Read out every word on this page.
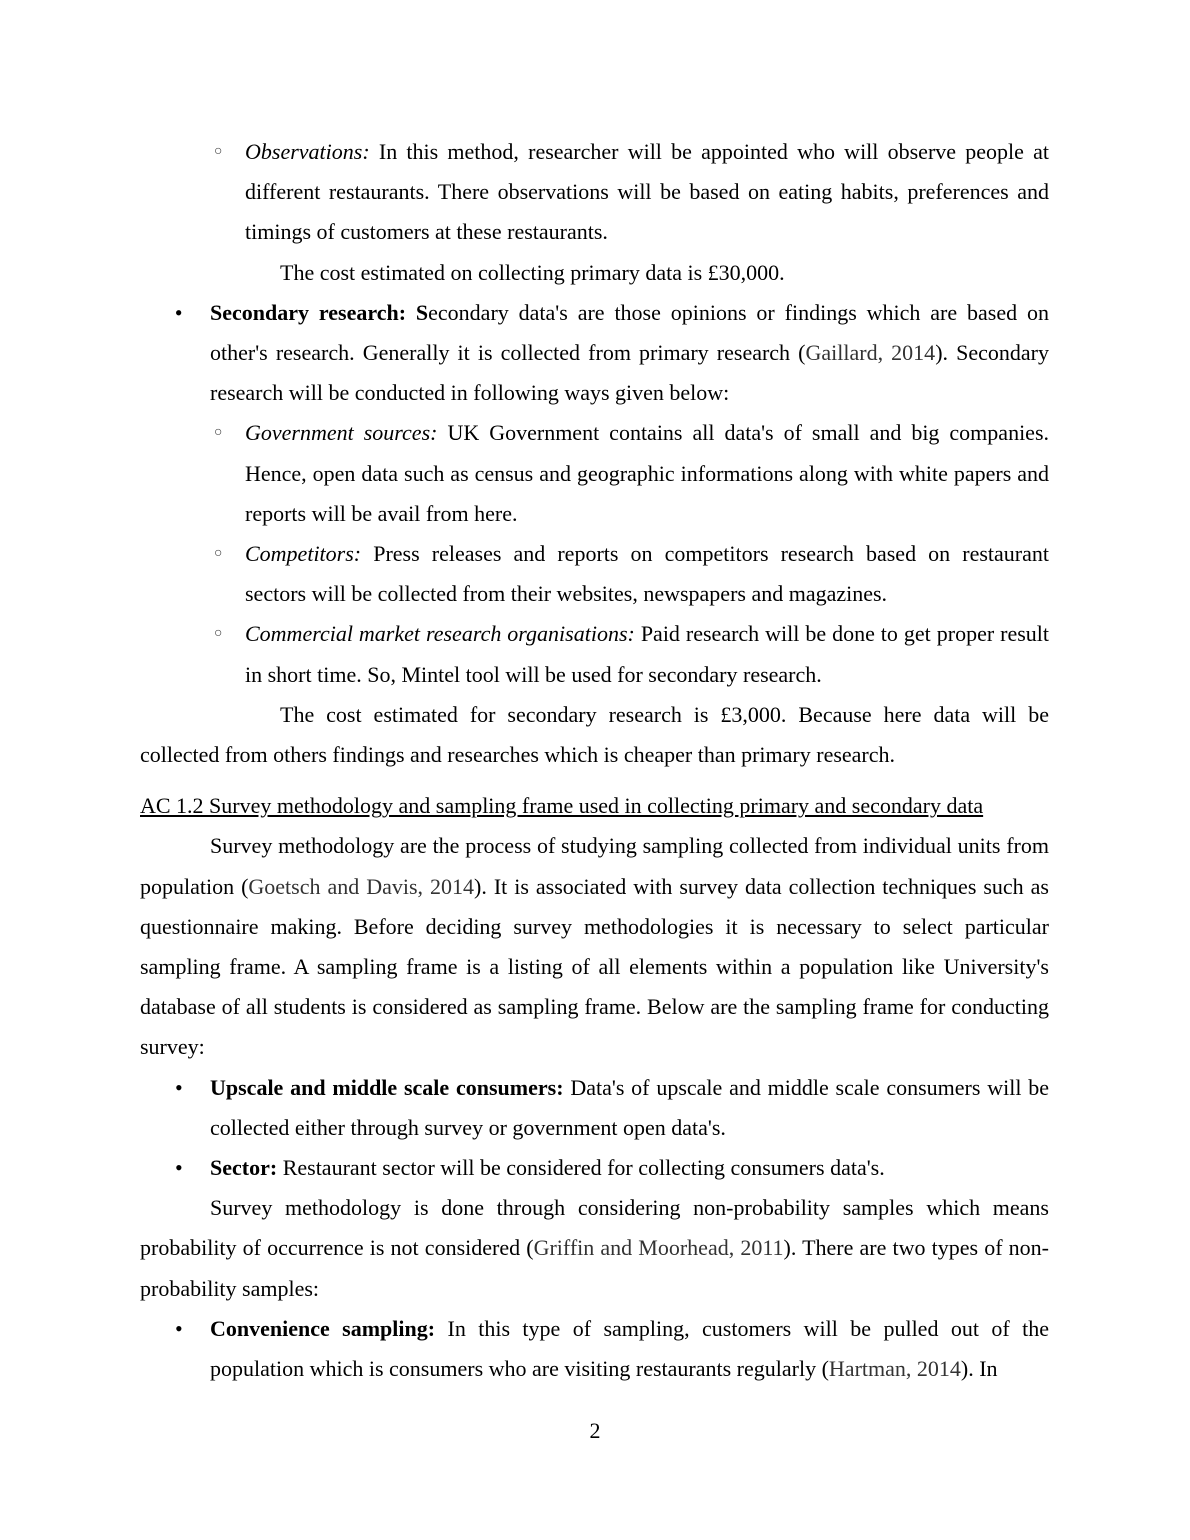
○ Observations: In this method, researcher will be appointed who will observe people at different restaurants. There observations will be based on eating habits, preferences and timings of customers at these restaurants.
The cost estimated on collecting primary data is £30,000.
• Secondary research: Secondary data's are those opinions or findings which are based on other's research. Generally it is collected from primary research (Gaillard, 2014). Secondary research will be conducted in following ways given below:
○ Government sources: UK Government contains all data's of small and big companies. Hence, open data such as census and geographic informations along with white papers and reports will be avail from here.
○ Competitors: Press releases and reports on competitors research based on restaurant sectors will be collected from their websites, newspapers and magazines.
○ Commercial market research organisations: Paid research will be done to get proper result in short time. So, Mintel tool will be used for secondary research.
The cost estimated for secondary research is £3,000. Because here data will be collected from others findings and researches which is cheaper than primary research.
AC 1.2 Survey methodology and sampling frame used in collecting primary and secondary data
Survey methodology are the process of studying sampling collected from individual units from population (Goetsch and Davis, 2014). It is associated with survey data collection techniques such as questionnaire making. Before deciding survey methodologies it is necessary to select particular sampling frame. A sampling frame is a listing of all elements within a population like University's database of all students is considered as sampling frame. Below are the sampling frame for conducting survey:
• Upscale and middle scale consumers: Data's of upscale and middle scale consumers will be collected either through survey or government open data's.
• Sector: Restaurant sector will be considered for collecting consumers data's.
Survey methodology is done through considering non-probability samples which means probability of occurrence is not considered (Griffin and Moorhead, 2011). There are two types of non-probability samples:
• Convenience sampling: In this type of sampling, customers will be pulled out of the population which is consumers who are visiting restaurants regularly (Hartman, 2014). In
2
